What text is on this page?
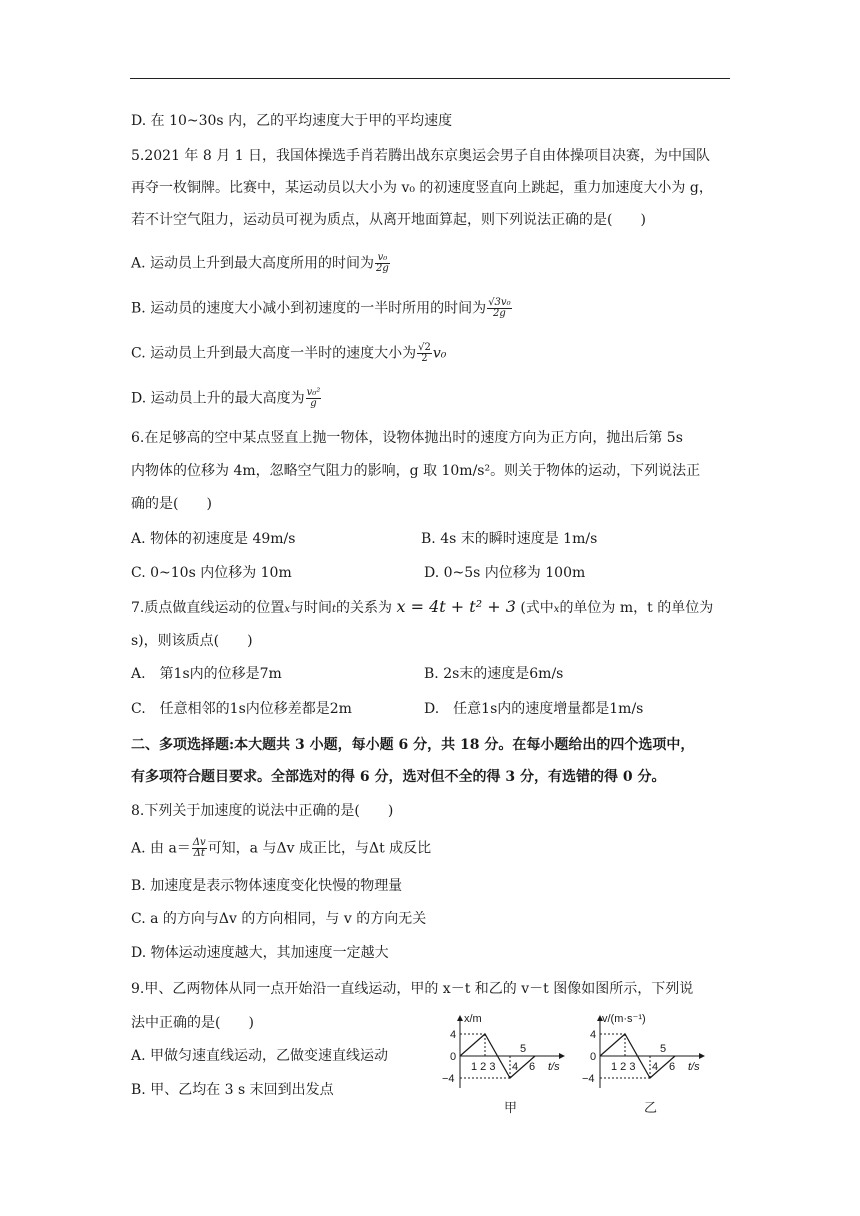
D. 在 10~30s 内，乙的平均速度大于甲的平均速度
5.2021 年 8 月 1 日，我国体操选手肖若腾出战东京奥运会男子自由体操项目决赛，为中国队
再夺一枚铜牌。比赛中，某运动员以大小为 v₀ 的初速度竖直向上跳起，重力加速度大小为 g，
若不计空气阻力，运动员可视为质点，从离开地面算起，则下列说法正确的是(　　)
A. 运动员上升到最大高度所用的时间为 $\frac{\text{v₀}}{2g}$
B. 运动员的速度大小减小到初速度的一半时所用的时间为 $\frac{\text{√3v₀}}{2g}$
C. 运动员上升到最大高度一半时的速度大小为 $\frac{√2}{2} v_0$
D. 运动员上升的最大高度为 $\frac{\text{v₀²}}{g}$
6.在足够高的空中某点竖直上抛一物体，设物体抛出时的速度方向为正方向，抛出后第 5s
内物体的位移为 4m，忽略空气阻力的影响，g 取 10m/s²。则关于物体的运动，下列说法正
确的是(　　)
A. 物体的初速度是 49m/s	B. 4s 末的瞬时速度是 1m/s
C. 0~10s 内位移为 10m	D. 0~5s 内位移为 100m
7.质点做直线运动的位置x与时间t的关系为 x = 4t + t² + 3 (式中x的单位为 m，t 的单位为
s)，则该质点(　　)
A.　第1s内的位移是7m	B. 2s末的速度是6m/s
C.　任意相邻的1s内位移差都是2m	D.　任意1s内的速度增量都是1m/s
二、多项选择题:本大题共 3 小题，每小题 6 分，共 18 分。在每小题给出的四个选项中，
有多项符合题目要求。全部选对的得 6 分，选对但不全的得 3 分，有选错的得 0 分。
8.下列关于加速度的说法中正确的是(　　)
A. 由 $a= \frac{\Delta v}{\Delta t}$ 可知，a 与Δv 成正比，与Δt 成反比
B. 加速度是表示物体速度变化快慢的物理量
C. a 的方向与Δv 的方向相同，与 v 的方向无关
D. 物体运动速度越大，其加速度一定越大
9.甲、乙两物体从同一点开始沿一直线运动，甲的 x－t 和乙的 v－t 图像如图所示，下列说
法中正确的是(　　)
A. 甲做匀速直线运动，乙做变速直线运动
B. 甲、乙均在 3 s 末回到出发点
x/m
4
0
−4
1 2 3 4
5
6 t/s
甲
v/(m·s⁻¹)
4
0
−4
1 2 3 4
5
6 t/s
乙
